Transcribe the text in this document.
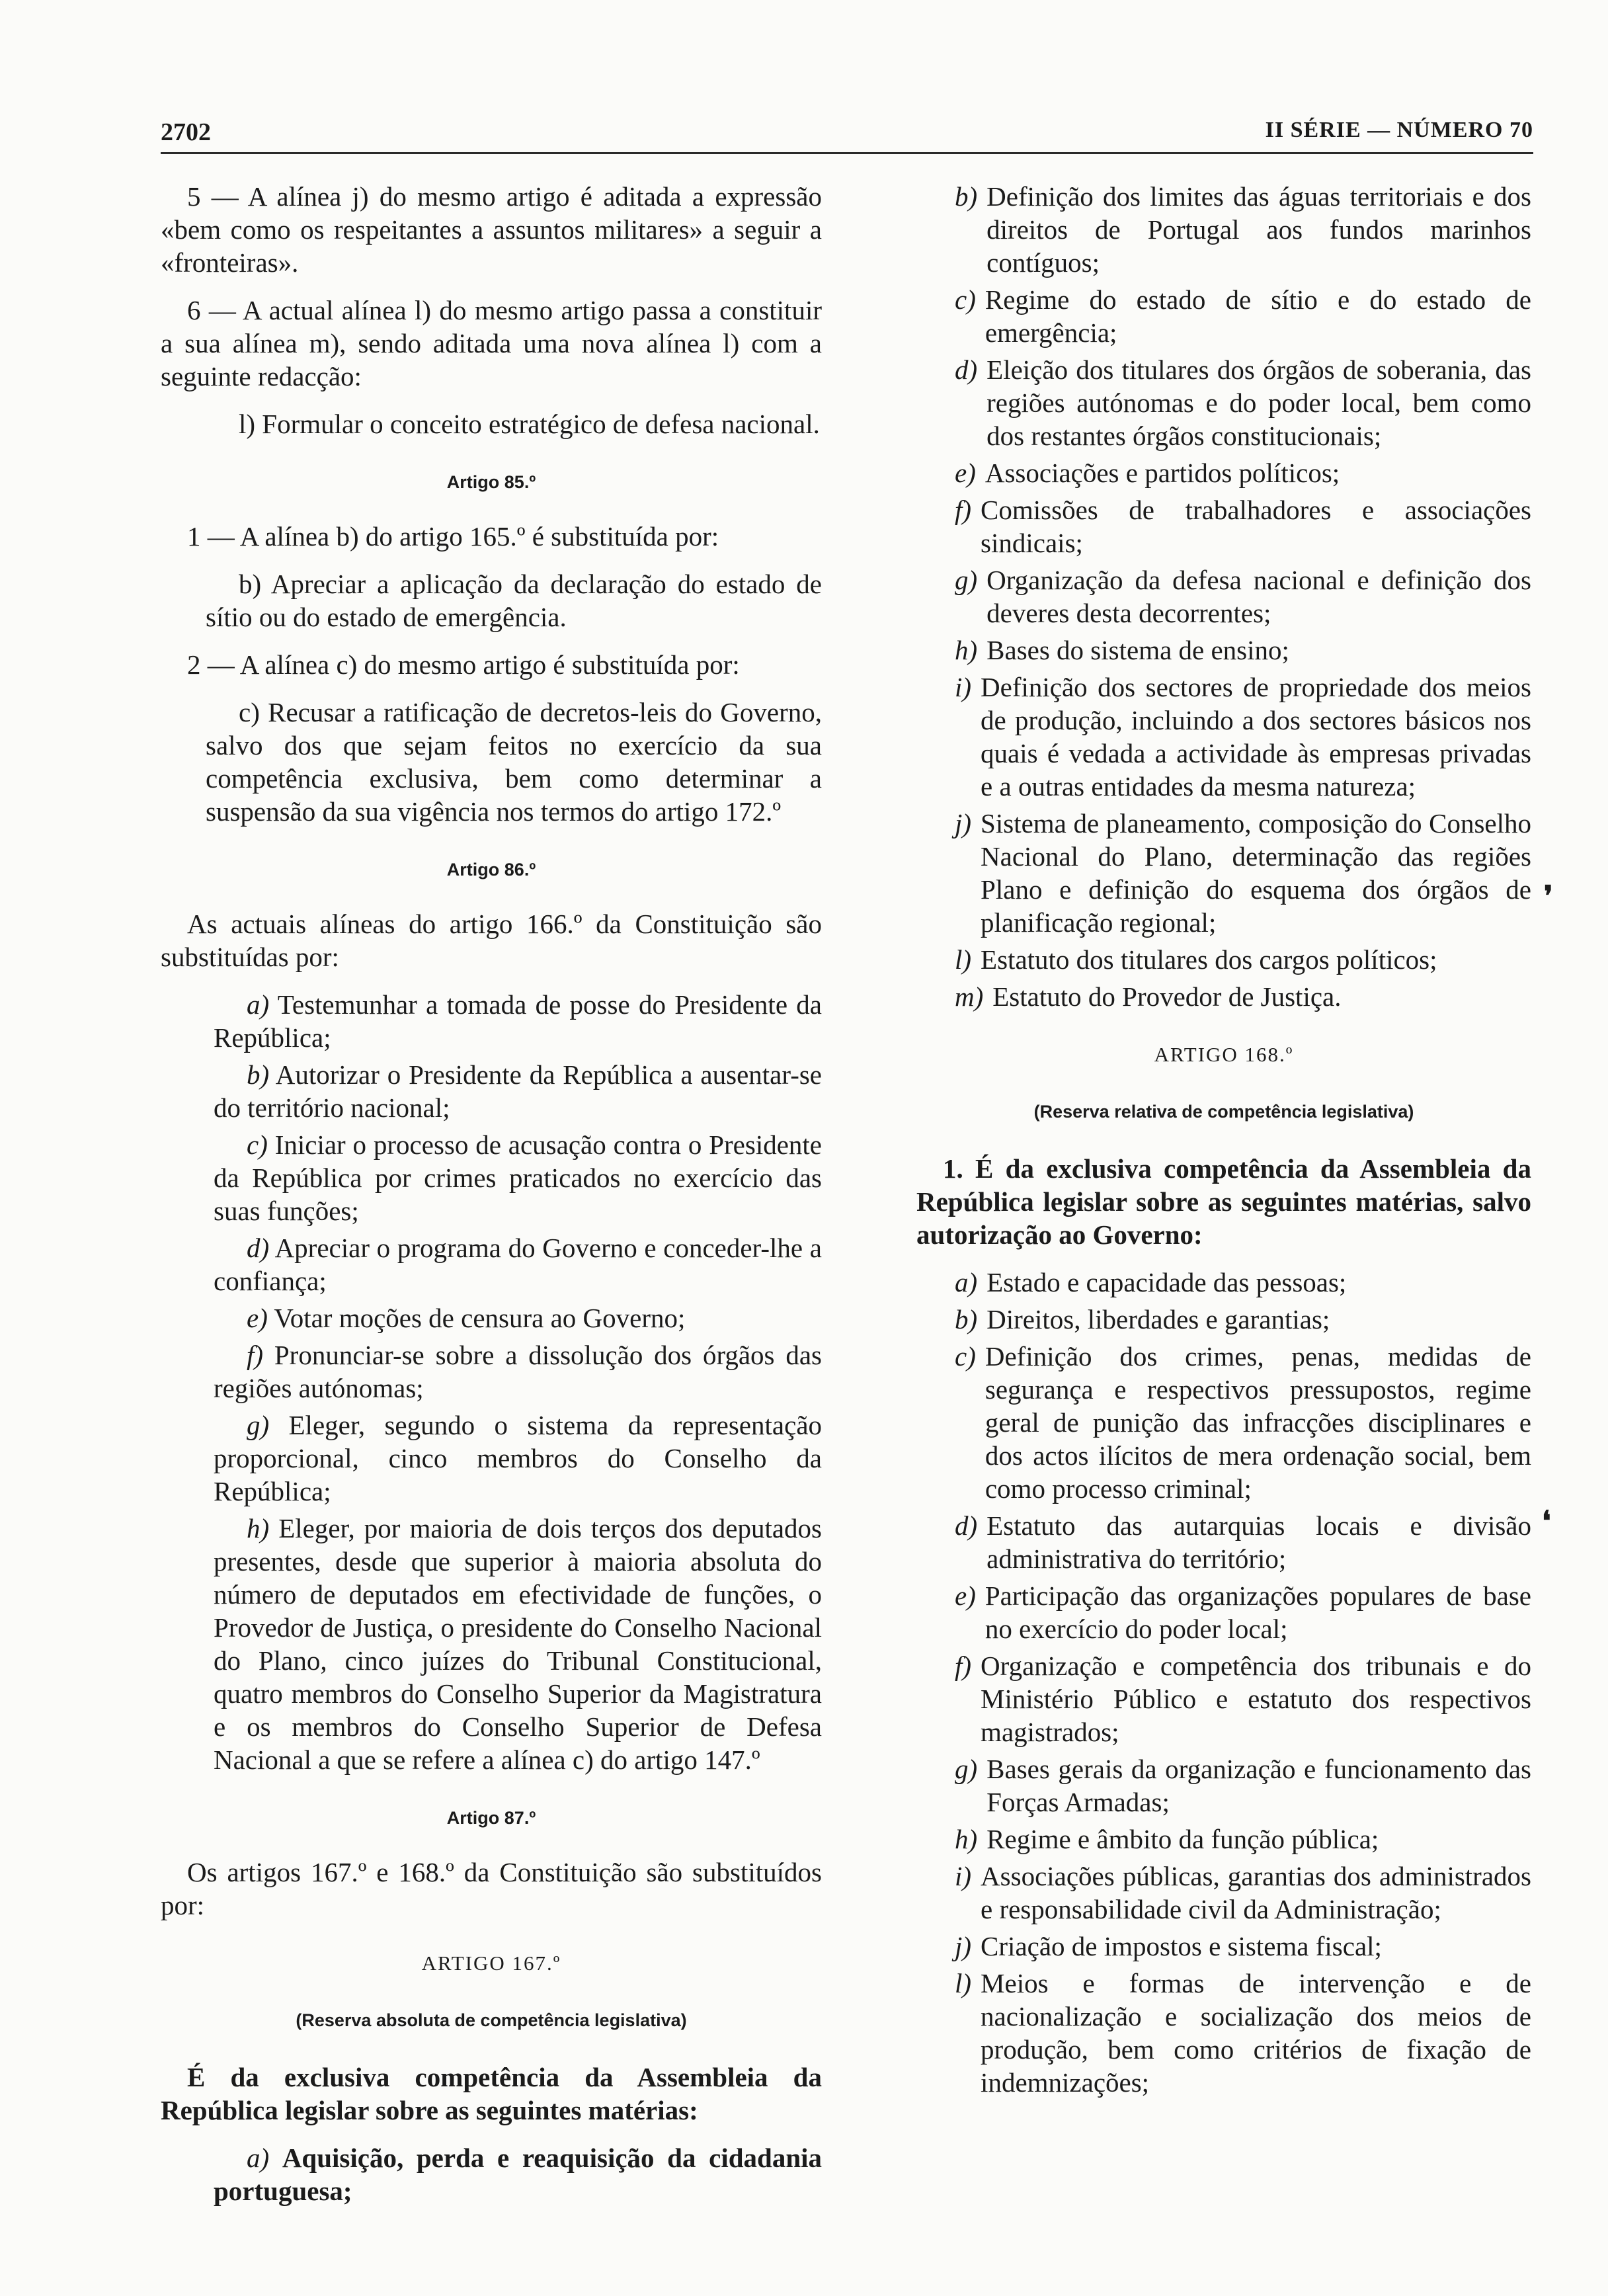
2702	II SÉRIE — NÚMERO 70

5 — A alínea j) do mesmo artigo é aditada a expressão «bem como os respeitantes a assuntos militares» a seguir a «fronteiras».

6 — A actual alínea l) do mesmo artigo passa a constituir a sua alínea m), sendo aditada uma nova alínea l) com a seguinte redacção:

l) Formular o conceito estratégico de defesa nacional.

Artigo 85.º

1 — A alínea b) do artigo 165.º é substituída por:

b) Apreciar a aplicação da declaração do estado de sítio ou do estado de emergência.

2 — A alínea c) do mesmo artigo é substituída por:

c) Recusar a ratificação de decretos-leis do Governo, salvo dos que sejam feitos no exercício da sua competência exclusiva, bem como determinar a suspensão da sua vigência nos termos do artigo 172.º

Artigo 86.º

As actuais alíneas do artigo 166.º da Constituição são substituídas por:

a) Testemunhar a tomada de posse do Presidente da República;
b) Autorizar o Presidente da República a ausentar-se do território nacional;
c) Iniciar o processo de acusação contra o Presidente da República por crimes praticados no exercício das suas funções;
d) Apreciar o programa do Governo e conceder-lhe a confiança;
e) Votar moções de censura ao Governo;
f) Pronunciar-se sobre a dissolução dos órgãos das regiões autónomas;
g) Eleger, segundo o sistema da representação proporcional, cinco membros do Conselho da República;
h) Eleger, por maioria de dois terços dos deputados presentes, desde que superior à maioria absoluta do número de deputados em efectividade de funções, o Provedor de Justiça, o presidente do Conselho Nacional do Plano, cinco juízes do Tribunal Constitucional, quatro membros do Conselho Superior da Magistratura e os membros do Conselho Superior de Defesa Nacional a que se refere a alínea c) do artigo 147.º
Artigo 87.º

Os artigos 167.º e 168.º da Constituição são substituídos por:

ARTIGO 167.º
(Reserva absoluta de competência legislativa)

É da exclusiva competência da Assembleia da República legislar sobre as seguintes matérias:

a) Aquisição, perda e reaquisição da cidadania portuguesa;
b) Definição dos limites das águas territoriais e dos direitos de Portugal aos fundos marinhos contíguos;
c) Regime do estado de sítio e do estado de emergência;
d) Eleição dos titulares dos órgãos de soberania, das regiões autónomas e do poder local, bem como dos restantes órgãos constitucionais;
e) Associações e partidos políticos;
f) Comissões de trabalhadores e associações sindicais;
g) Organização da defesa nacional e definição dos deveres desta decorrentes;
h) Bases do sistema de ensino;
i) Definição dos sectores de propriedade dos meios de produção, incluindo a dos sectores básicos nos quais é vedada a actividade às empresas privadas e a outras entidades da mesma natureza;
j) Sistema de planeamento, composição do Conselho Nacional do Plano, determinação das regiões Plano e definição do esquema dos órgãos de planificação regional;
l) Estatuto dos titulares dos cargos políticos;
m) Estatuto do Provedor de Justiça.
ARTIGO 168.º
(Reserva relativa de competência legislativa)

1. É da exclusiva competência da Assembleia da República legislar sobre as seguintes matérias, salvo autorização ao Governo:

a) Estado e capacidade das pessoas;
b) Direitos, liberdades e garantias;
c) Definição dos crimes, penas, medidas de segurança e respectivos pressupostos, regime geral de punição das infracções disciplinares e dos actos ilícitos de mera ordenação social, bem como processo criminal;
d) Estatuto das autarquias locais e divisão administrativa do território;
e) Participação das organizações populares de base no exercício do poder local;
f) Organização e competência dos tribunais e do Ministério Público e estatuto dos respectivos magistrados;
g) Bases gerais da organização e funcionamento das Forças Armadas;
h) Regime e âmbito da função pública;
i) Associações públicas, garantias dos administrados e responsabilidade civil da Administração;
j) Criação de impostos e sistema fiscal;
l) Meios e formas de intervenção e de nacionalização e socialização dos meios de produção, bem como critérios de fixação de indemnizações;
❜
❛
